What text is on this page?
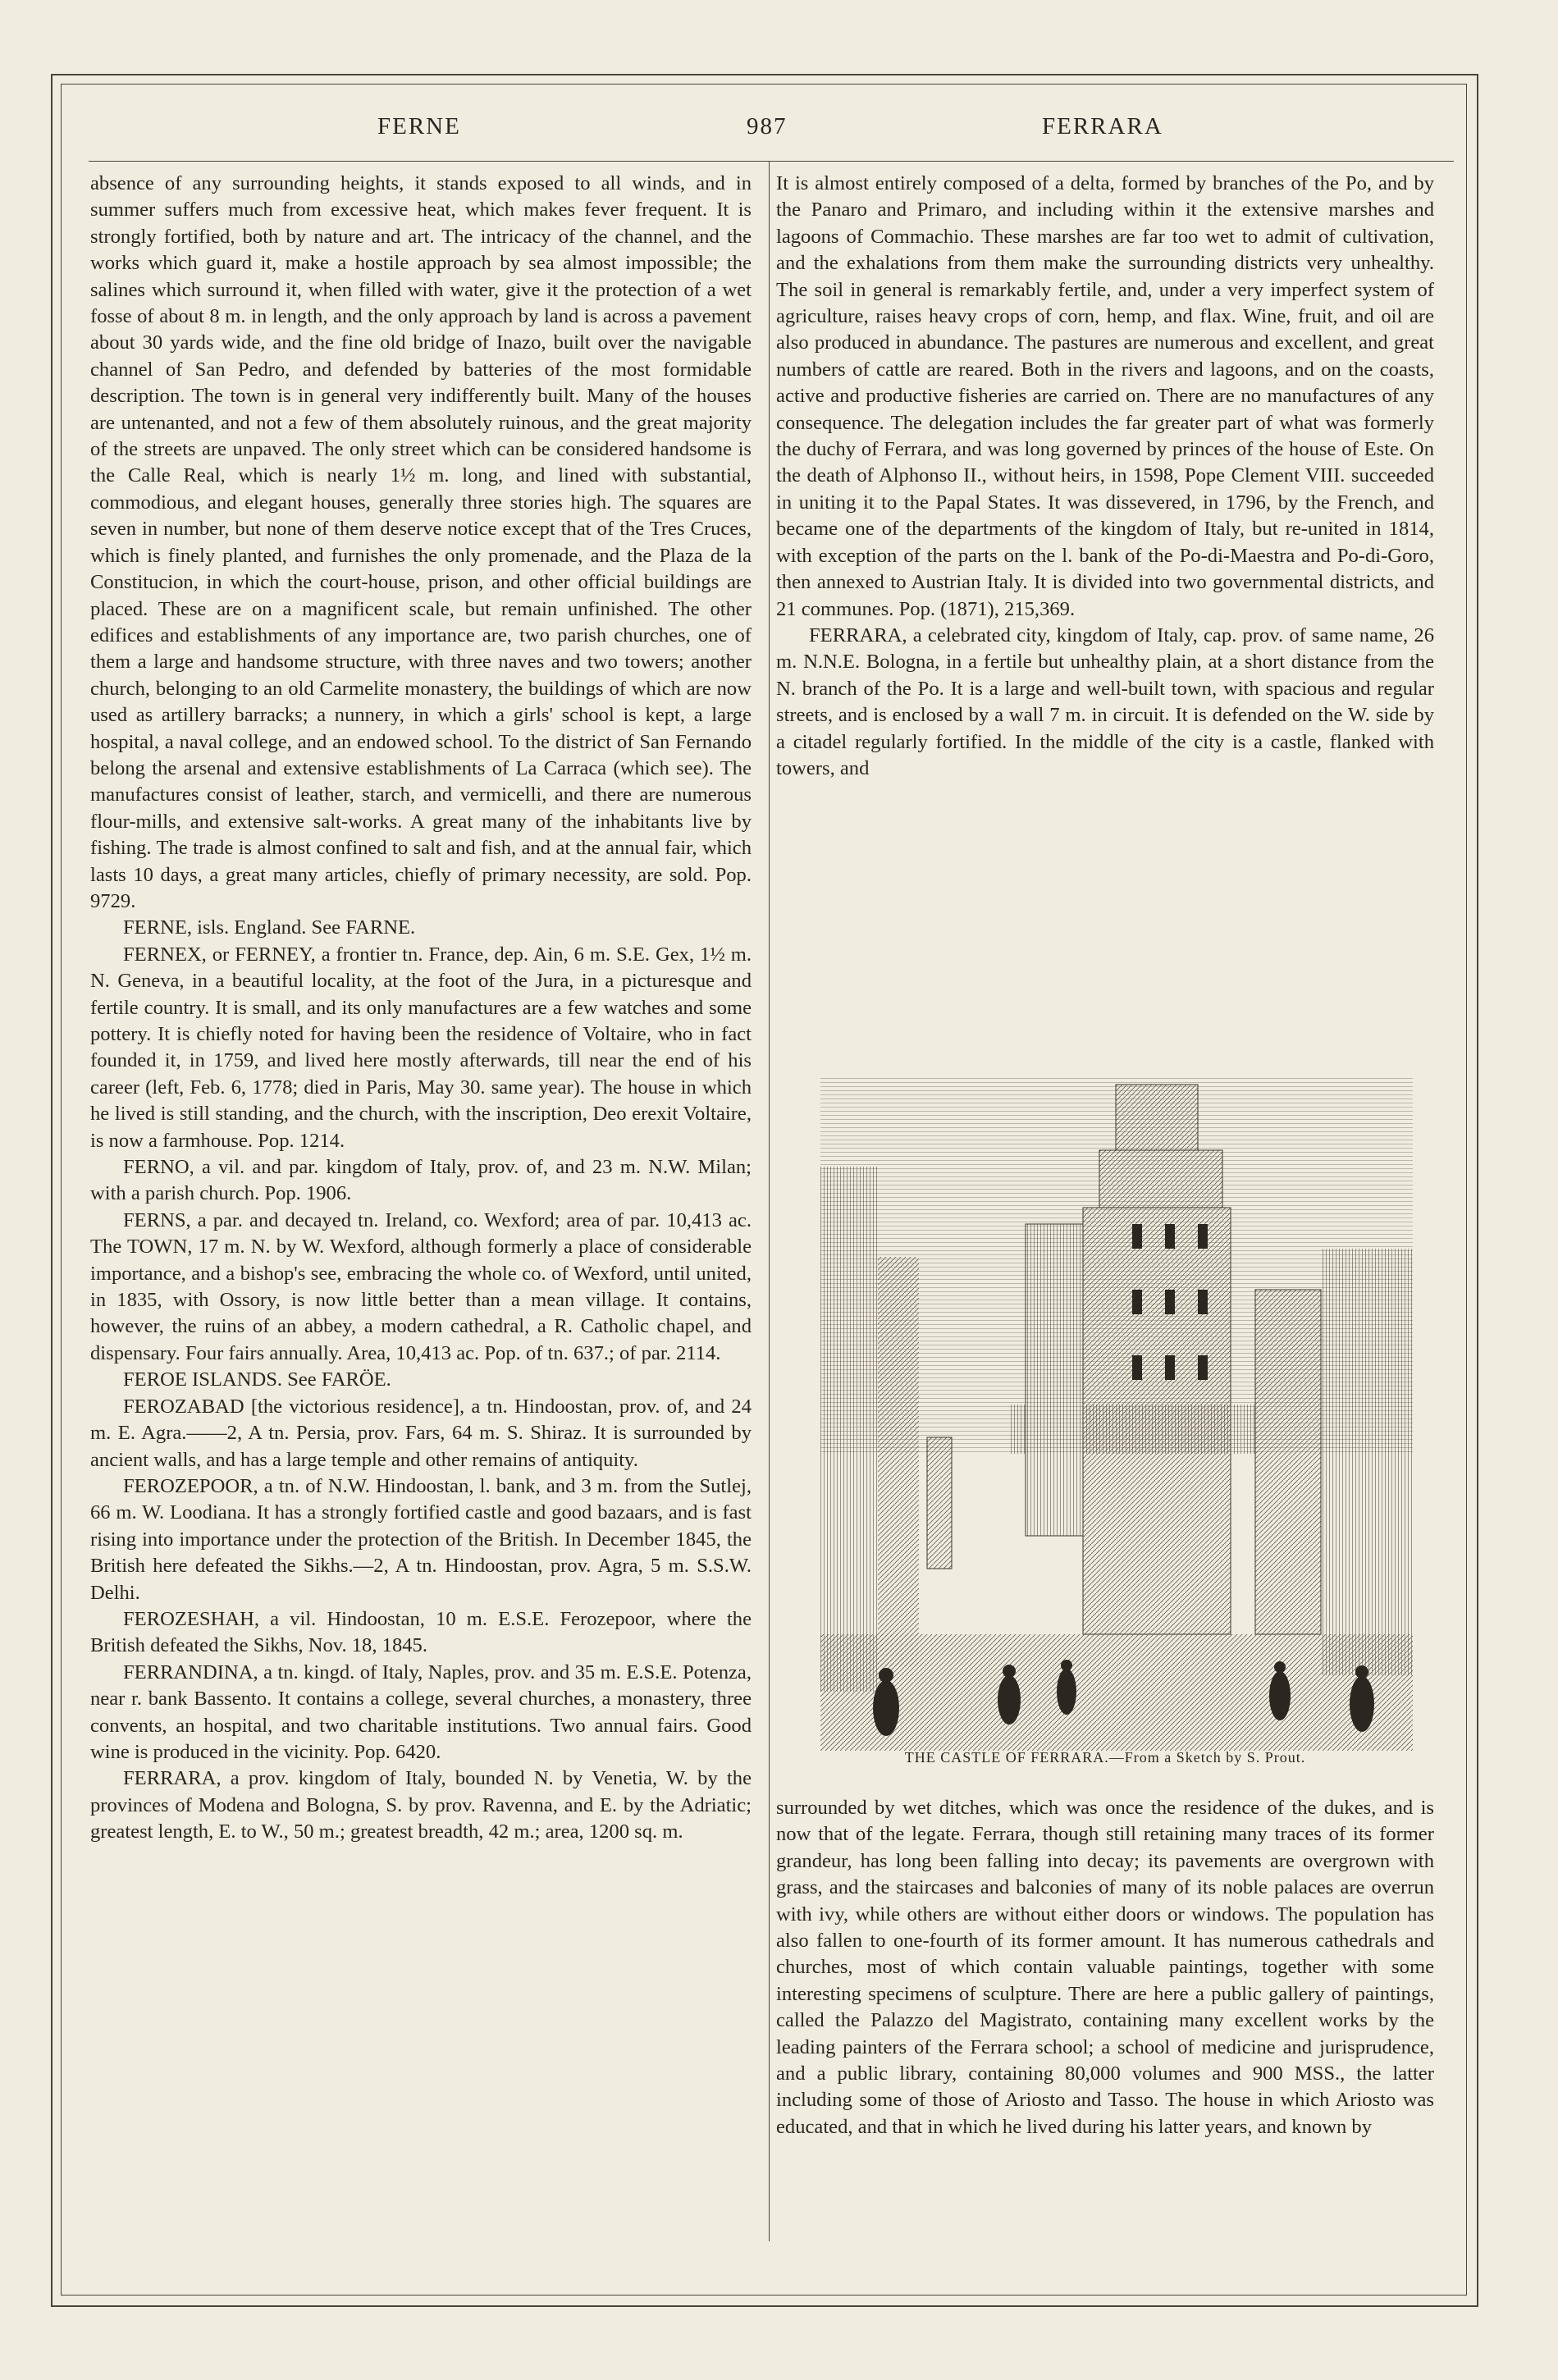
FERNE	987	FERRARA

absence of any surrounding heights, it stands exposed to all winds, and in summer suffers much from excessive heat, which makes fever frequent. It is strongly fortified, both by nature and art. The intricacy of the channel, and the works which guard it, make a hostile approach by sea almost impossible; the salines which surround it, when filled with water, give it the protection of a wet fosse of about 8 m. in length, and the only approach by land is across a pavement about 30 yards wide, and the fine old bridge of Inazo, built over the navigable channel of San Pedro, and defended by batteries of the most formidable description. The town is in general very indifferently built. Many of the houses are untenanted, and not a few of them absolutely ruinous, and the great majority of the streets are unpaved. The only street which can be considered handsome is the Calle Real, which is nearly 1½ m. long, and lined with substantial, commodious, and elegant houses, generally three stories high. The squares are seven in number, but none of them deserve notice except that of the Tres Cruces, which is finely planted, and furnishes the only promenade, and the Plaza de la Constitucion, in which the court-house, prison, and other official buildings are placed. These are on a magnificent scale, but remain unfinished. The other edifices and establishments of any importance are, two parish churches, one of them a large and handsome structure, with three naves and two towers; another church, belonging to an old Carmelite monastery, the buildings of which are now used as artillery barracks; a nunnery, in which a girls' school is kept, a large hospital, a naval college, and an endowed school. To the district of San Fernando belong the arsenal and extensive establishments of La Carraca (which see). The manufactures consist of leather, starch, and vermicelli, and there are numerous flour-mills, and extensive salt-works. A great many of the inhabitants live by fishing. The trade is almost confined to salt and fish, and at the annual fair, which lasts 10 days, a great many articles, chiefly of primary necessity, are sold. Pop. 9729.

FERNE, isls. England. See FARNE.

FERNEX, or FERNEY, a frontier tn. France, dep. Ain, 6 m. S.E. Gex, 1½ m. N. Geneva, in a beautiful locality, at the foot of the Jura, in a picturesque and fertile country. It is small, and its only manufactures are a few watches and some pottery. It is chiefly noted for having been the residence of Voltaire, who in fact founded it, in 1759, and lived here mostly afterwards, till near the end of his career (left, Feb. 6, 1778; died in Paris, May 30. same year). The house in which he lived is still standing, and the church, with the inscription, Deo erexit Voltaire, is now a farmhouse. Pop. 1214.

FERNO, a vil. and par. kingdom of Italy, prov. of, and 23 m. N.W. Milan; with a parish church. Pop. 1906.

FERNS, a par. and decayed tn. Ireland, co. Wexford; area of par. 10,413 ac. The TOWN, 17 m. N. by W. Wexford, although formerly a place of considerable importance, and a bishop's see, embracing the whole co. of Wexford, until united, in 1835, with Ossory, is now little better than a mean village. It contains, however, the ruins of an abbey, a modern cathedral, a R. Catholic chapel, and dispensary. Four fairs annually. Area, 10,413 ac. Pop. of tn. 637.; of par. 2114.

FEROE ISLANDS. See FARÖE.

FEROZABAD [the victorious residence], a tn. Hindoostan, prov. of, and 24 m. E. Agra.——2, A tn. Persia, prov. Fars, 64 m. S. Shiraz. It is surrounded by ancient walls, and has a large temple and other remains of antiquity.

FEROZEPOOR, a tn. of N.W. Hindoostan, l. bank, and 3 m. from the Sutlej, 66 m. W. Loodiana. It has a strongly fortified castle and good bazaars, and is fast rising into importance under the protection of the British. In December 1845, the British here defeated the Sikhs.—2, A tn. Hindoostan, prov. Agra, 5 m. S.S.W. Delhi.

FEROZESHAH, a vil. Hindoostan, 10 m. E.S.E. Ferozepoor, where the British defeated the Sikhs, Nov. 18, 1845.

FERRANDINA, a tn. kingd. of Italy, Naples, prov. and 35 m. E.S.E. Potenza, near r. bank Bassento. It contains a college, several churches, a monastery, three convents, an hospital, and two charitable institutions. Two annual fairs. Good wine is produced in the vicinity. Pop. 6420.

FERRARA, a prov. kingdom of Italy, bounded N. by Venetia, W. by the provinces of Modena and Bologna, S. by prov. Ravenna, and E. by the Adriatic; greatest length, E. to W., 50 m.; greatest breadth, 42 m.; area, 1200 sq. m.

It is almost entirely composed of a delta, formed by branches of the Po, and by the Panaro and Primaro, and including within it the extensive marshes and lagoons of Commachio. These marshes are far too wet to admit of cultivation, and the exhalations from them make the surrounding districts very unhealthy. The soil in general is remarkably fertile, and, under a very imperfect system of agriculture, raises heavy crops of corn, hemp, and flax. Wine, fruit, and oil are also produced in abundance. The pastures are numerous and excellent, and great numbers of cattle are reared. Both in the rivers and lagoons, and on the coasts, active and productive fisheries are carried on. There are no manufactures of any consequence. The delegation includes the far greater part of what was formerly the duchy of Ferrara, and was long governed by princes of the house of Este. On the death of Alphonso II., without heirs, in 1598, Pope Clement VIII. succeeded in uniting it to the Papal States. It was dissevered, in 1796, by the French, and became one of the departments of the kingdom of Italy, but re-united in 1814, with exception of the parts on the l. bank of the Po-di-Maestra and Po-di-Goro, then annexed to Austrian Italy. It is divided into two governmental districts, and 21 communes. Pop. (1871), 215,369.

FERRARA, a celebrated city, kingdom of Italy, cap. prov. of same name, 26 m. N.N.E. Bologna, in a fertile but unhealthy plain, at a short distance from the N. branch of the Po. It is a large and well-built town, with spacious and regular streets, and is enclosed by a wall 7 m. in circuit. It is defended on the W. side by a citadel regularly fortified. In the middle of the city is a castle, flanked with towers, and

THE CASTLE OF FERRARA.—From a Sketch by S. Prout.

surrounded by wet ditches, which was once the residence of the dukes, and is now that of the legate. Ferrara, though still retaining many traces of its former grandeur, has long been falling into decay; its pavements are overgrown with grass, and the staircases and balconies of many of its noble palaces are overrun with ivy, while others are without either doors or windows. The population has also fallen to one-fourth of its former amount. It has numerous cathedrals and churches, most of which contain valuable paintings, together with some interesting specimens of sculpture. There are here a public gallery of paintings, called the Palazzo del Magistrato, containing many excellent works by the leading painters of the Ferrara school; a school of medicine and jurisprudence, and a public library, containing 80,000 volumes and 900 MSS., the latter including some of those of Ariosto and Tasso. The house in which Ariosto was educated, and that in which he lived during his latter years, and known by
